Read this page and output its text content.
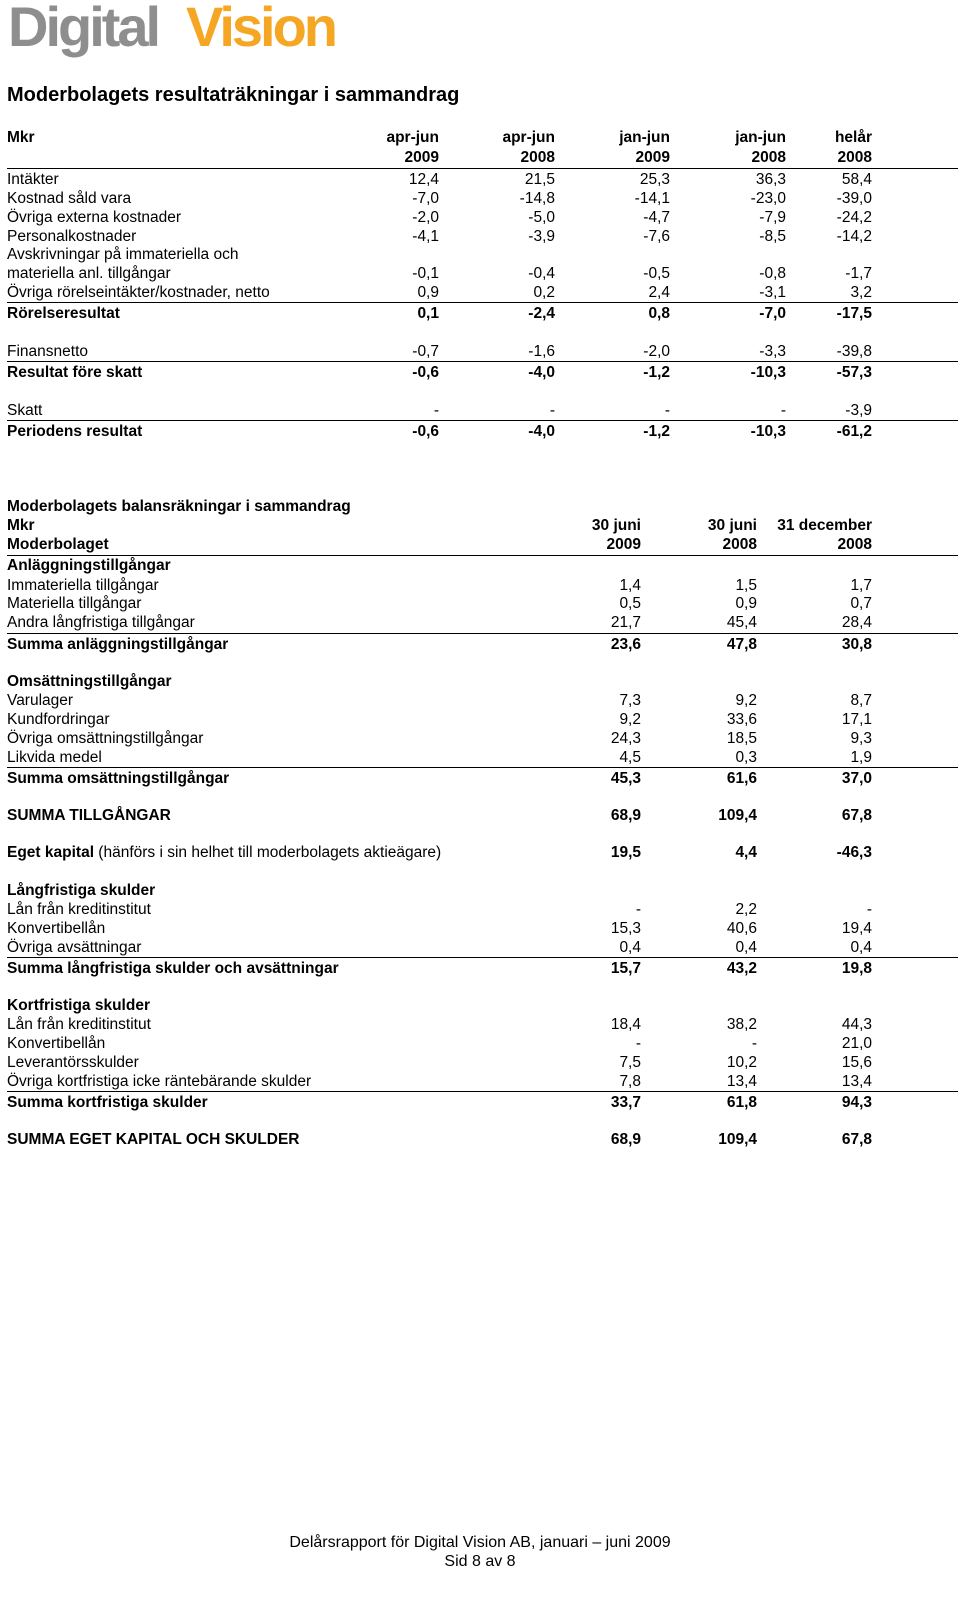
Digital Vision
Moderbolagets resultaträkningar i sammandrag
Mkr	apr-jun	apr-jun	jan-jun	jan-jun	helår
2009	2008	2009	2008	2008
Intäkter	12,4	21,5	25,3	36,3	58,4
Kostnad såld vara	-7,0	-14,8	-14,1	-23,0	-39,0
Övriga externa kostnader	-2,0	-5,0	-4,7	-7,9	-24,2
Personalkostnader	-4,1	-3,9	-7,6	-8,5	-14,2
Avskrivningar på immateriella och
materiella anl. tillgångar	-0,1	-0,4	-0,5	-0,8	-1,7
Övriga rörelseintäkter/kostnader, netto	0,9	0,2	2,4	-3,1	3,2
Rörelseresultat	0,1	-2,4	0,8	-7,0	-17,5
Finansnetto	-0,7	-1,6	-2,0	-3,3	-39,8
Resultat före skatt	-0,6	-4,0	-1,2	-10,3	-57,3
Skatt	-	-	-	-	-3,9
Periodens resultat	-0,6	-4,0	-1,2	-10,3	-61,2
Moderbolagets balansräkningar i sammandrag
Mkr	30 juni	30 juni	31 december
Moderbolaget	2009	2008	2008
Anläggningstillgångar
Immateriella tillgångar	1,4	1,5	1,7
Materiella tillgångar	0,5	0,9	0,7
Andra långfristiga tillgångar	21,7	45,4	28,4
Summa anläggningstillgångar	23,6	47,8	30,8
Omsättningstillgångar
Varulager	7,3	9,2	8,7
Kundfordringar	9,2	33,6	17,1
Övriga omsättningstillgångar	24,3	18,5	9,3
Likvida medel	4,5	0,3	1,9
Summa omsättningstillgångar	45,3	61,6	37,0
SUMMA TILLGÅNGAR	68,9	109,4	67,8
Eget kapital (hänförs i sin helhet till moderbolagets aktieägare)	19,5	4,4	-46,3
Långfristiga skulder
Lån från kreditinstitut	-	2,2	-
Konvertibellån	15,3	40,6	19,4
Övriga avsättningar	0,4	0,4	0,4
Summa långfristiga skulder och avsättningar	15,7	43,2	19,8
Kortfristiga skulder
Lån från kreditinstitut	18,4	38,2	44,3
Konvertibellån	-	-	21,0
Leverantörsskulder	7,5	10,2	15,6
Övriga kortfristiga icke räntebärande skulder	7,8	13,4	13,4
Summa kortfristiga skulder	33,7	61,8	94,3
SUMMA EGET KAPITAL OCH SKULDER	68,9	109,4	67,8
Delårsrapport för Digital Vision AB, januari – juni 2009
Sid 8 av 8
